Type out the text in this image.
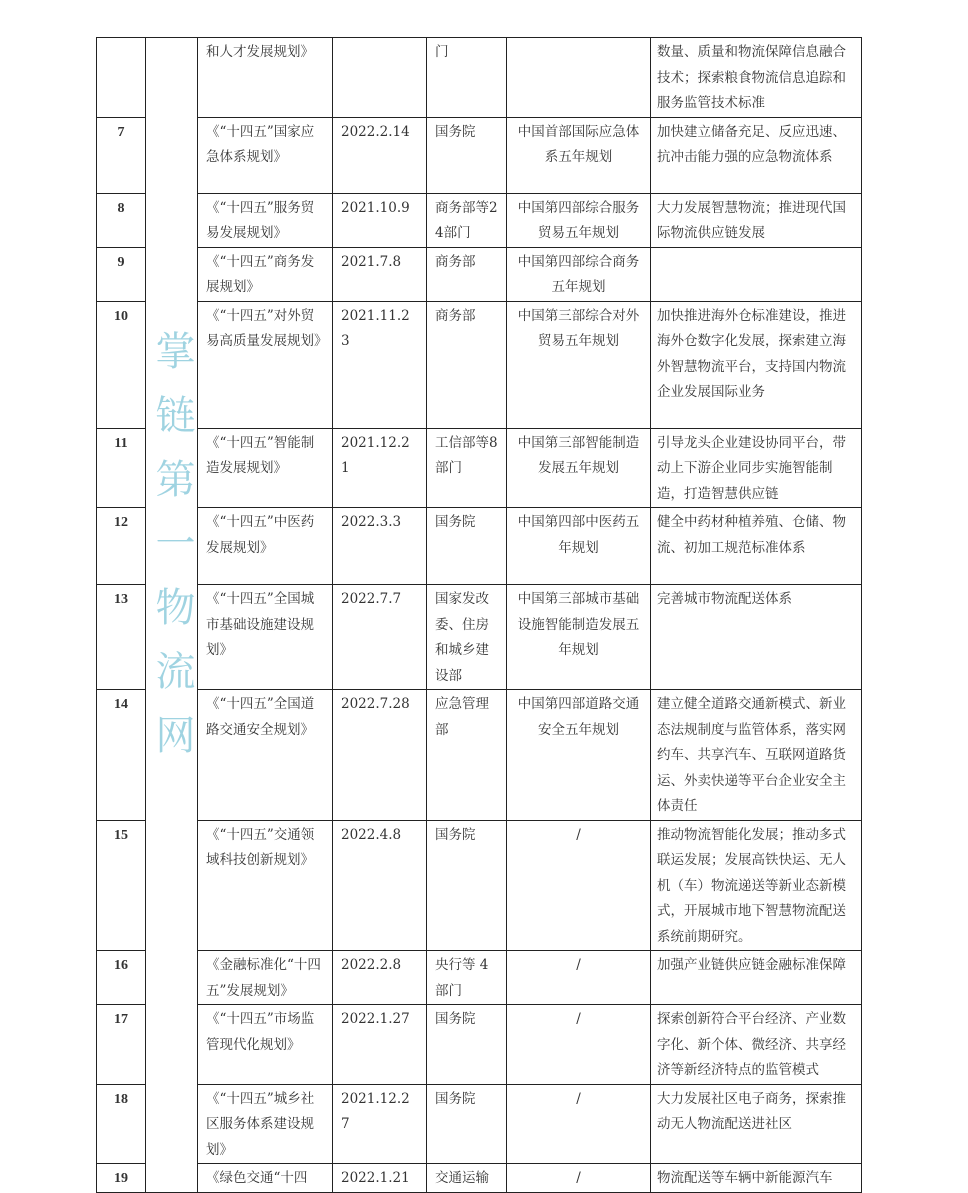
		和人才发展规划》		门		数量、质量和物流保障信息融合技术；探索粮食物流信息追踪和服务监管技术标准
7		《“十四五”国家应急体系规划》	2022.2.14	国务院	中国首部国际应急体系五年规划	加快建立储备充足、反应迅速、抗冲击能力强的应急物流体系
8		《“十四五”服务贸易发展规划》	2021.10.9	商务部等24部门	中国第四部综合服务贸易五年规划	大力发展智慧物流；推进现代国际物流供应链发展
9		《“十四五”商务发展规划》	2021.7.8	商务部	中国第四部综合商务五年规划	
10		《“十四五”对外贸易高质量发展规划》	2021.11.23	商务部	中国第三部综合对外贸易五年规划	加快推进海外仓标准建设，推进海外仓数字化发展，探索建立海外智慧物流平台，支持国内物流企业发展国际业务
11		《“十四五”智能制造发展规划》	2021.12.21	工信部等8部门	中国第三部智能制造发展五年规划	引导龙头企业建设协同平台，带动上下游企业同步实施智能制造，打造智慧供应链
12		《“十四五”中医药发展规划》	2022.3.3	国务院	中国第四部中医药五年规划	健全中药材种植养殖、仓储、物流、初加工规范标准体系
13		《“十四五”全国城市基础设施建设规划》	2022.7.7	国家发改委、住房和城乡建设部	中国第三部城市基础设施智能制造发展五年规划	完善城市物流配送体系
14		《“十四五”全国道路交通安全规划》	2022.7.28	应急管理部	中国第四部道路交通安全五年规划	建立健全道路交通新模式、新业态法规制度与监管体系，落实网约车、共享汽车、互联网道路货运、外卖快递等平台企业安全主体责任
15		《“十四五”交通领域科技创新规划》	2022.4.8	国务院	/	推动物流智能化发展；推动多式联运发展；发展高铁快运、无人机（车）物流递送等新业态新模式，开展城市地下智慧物流配送系统前期研究。
16		《金融标准化“十四五”发展规划》	2022.2.8	央行等 4部门	/	加强产业链供应链金融标准保障
17		《“十四五”市场监管现代化规划》	2022.1.27	国务院	/	探索创新符合平台经济、产业数字化、新个体、微经济、共享经济等新经济特点的监管模式
18		《“十四五”城乡社区服务体系建设规划》	2021.12.27	国务院	/	大力发展社区电子商务，探索推动无人物流配送进社区
19		《绿色交通“十四	2022.1.21	交通运输	/	物流配送等车辆中新能源汽车
掌链第一物流网
